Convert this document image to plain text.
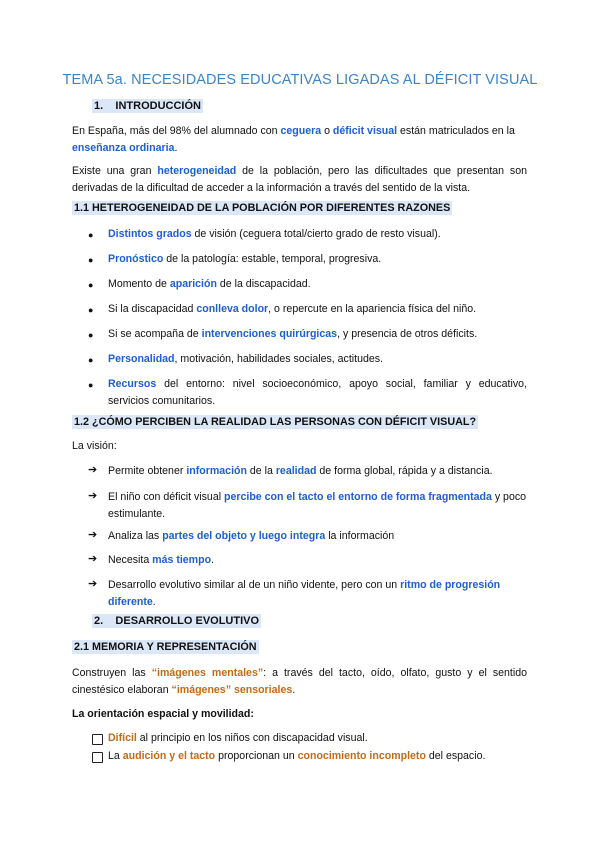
TEMA 5a. NECESIDADES EDUCATIVAS LIGADAS AL DÉFICIT VISUAL
1. INTRODUCCIÓN
En España, más del 98% del alumnado con ceguera o déficit visual están matriculados en la enseñanza ordinaria.
Existe una gran heterogeneidad de la población, pero las dificultades que presentan son derivadas de la dificultad de acceder a la información a través del sentido de la vista.
1.1 HETEROGENEIDAD DE LA POBLACIÓN POR DIFERENTES RAZONES
● Distintos grados de visión (ceguera total/cierto grado de resto visual).
● Pronóstico de la patología: estable, temporal, progresiva.
● Momento de aparición de la discapacidad.
● Si la discapacidad conlleva dolor, o repercute en la apariencia física del niño.
● Si se acompaña de intervenciones quirúrgicas, y presencia de otros déficits.
● Personalidad, motivación, habilidades sociales, actitudes.
● Recursos del entorno: nivel socioeconómico, apoyo social, familiar y educativo, servicios comunitarios.
1.2 ¿CÓMO PERCIBEN LA REALIDAD LAS PERSONAS CON DÉFICIT VISUAL?
La visión:
➔ Permite obtener información de la realidad de forma global, rápida y a distancia.
➔ El niño con déficit visual percibe con el tacto el entorno de forma fragmentada y poco estimulante.
➔ Analiza las partes del objeto y luego integra la información
➔ Necesita más tiempo.
➔ Desarrollo evolutivo similar al de un niño vidente, pero con un ritmo de progresión diferente.
2. DESARROLLO EVOLUTIVO
2.1 MEMORIA Y REPRESENTACIÓN
Construyen las “imágenes mentales”: a través del tacto, oído, olfato, gusto y el sentido cinestésico elaboran “imágenes” sensoriales.
La orientación espacial y movilidad:
Difícil al principio en los niños con discapacidad visual.
La audición y el tacto proporcionan un conocimiento incompleto del espacio.
